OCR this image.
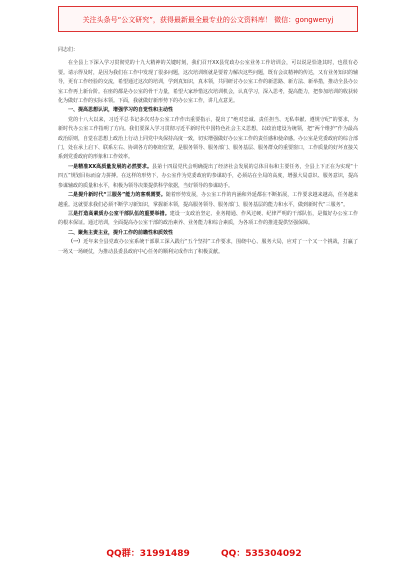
关注头条号“公文研究”，获得最新最全最专业的公文资料库！ 微信：gongwenyj

同志们：

在全县上下深入学习贯彻党的十九大精神的关键时刻，我们召开XX县党政办公室业务工作培训会，可以说是恰逢其时，也很有必要。请示得及时，是因为我们在工作中发现了很多问题，这次培训班就是要着力解决这些问题，既有会议精神的传达，又有业务知识的辅导，更有工作经验的交流，希望通过这次的培训，学到真知识，真本领，共同研讨办公室工作的新思路、新方法、新举措，推动全县办公室工作再上新台阶。在座的都是办公室的骨干力量，希望大家珍惜这次培训机会，认真学习，深入思考，提高能力，把参加培训的收获转化为做好工作的实际本领。下面，我就做好新形势下的办公室工作，讲几点意见。

一、提高思想认识，增强学习的自觉性和主动性

党的十八大以来，习近平总书记多次对办公室工作作出重要指示，提出了“绝对忠诚、责任担当、无私奉献、遵规守纪”的要求，为新时代办公室工作指明了方向。我们要深入学习贯彻习近平新时代中国特色社会主义思想，以政治建设为统领，把“两个维护”作为最高政治原则，自觉在思想上政治上行动上同党中央保持高度一致，切实增强做好办公室工作的责任感和使命感。办公室是党委政府的综合部门，处在承上启下、联系左右、协调各方的枢纽位置，是服务领导、服务部门、服务基层、服务群众的重要窗口，工作质量的好坏直接关系到党委政府的形象和工作效率。

一是精准XX高质量发展的必然要求。县第十四届党代会明确提出了经济社会发展的总体目标和主要任务，全县上下正在为实现“十四五”规划目标而奋力拼搏。在这样的形势下，办公室作为党委政府的参谋助手，必须站在全局的高度，增强大局意识、服务意识，提高参谋辅政的质量和水平，积极为领导决策提供科学依据，当好领导的参谋助手。

二是提升新时代“三服务”能力的客观需要。随着形势发展，办公室工作的内涵和外延都在不断拓展，工作要求越来越高，任务越来越重。这就要求我们必须不断学习新知识，掌握新本领，提高服务领导、服务部门、服务基层的能力和水平，做到新时代“三服务”。

三是打造高素质办公室干部队伍的重要举措。建设一支政治坚定、业务精通、作风过硬、纪律严明的干部队伍，是做好办公室工作的根本保证。通过培训，全面提高办公室干部的政治素养、业务能力和综合素质，为各项工作的推进提供坚强保障。

二、聚焦主责主业，提升工作的前瞻性和质效性

（一）近年来全县党政办公室系统干部职工深入践行“五个坚持”工作要求，围绕中心、服务大局，应对了一个又一个挑战，打赢了一场又一场硬仗，为推动县委县政府中心任务的顺利完成作出了积极贡献。

QQ群：31991489	QQ：535304092
